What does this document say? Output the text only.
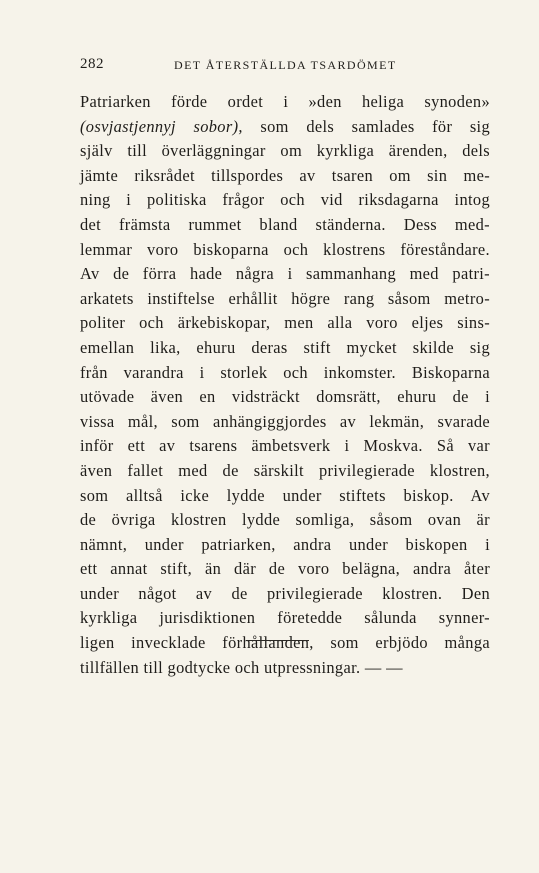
282	DET ÅTERSTÄLLDA TSARDÖMET
Patriarken förde ordet i »den heliga synoden»
(osvjastjennyj sobor), som dels samlades för sig
själv till överläggningar om kyrkliga ärenden, dels
jämte riksrådet tillspordes av tsaren om sin me-
ning i politiska frågor och vid riksdagarna intog
det främsta rummet bland ständerna. Dess med-
lemmar voro biskoparna och klostrens föreståndare.
Av de förra hade några i sammanhang med patri-
arkatets instiftelse erhållit högre rang såsom metro-
politer och ärkebiskopar, men alla voro eljes sins-
emellan lika, ehuru deras stift mycket skilde sig
från varandra i storlek och inkomster. Biskoparna
utövade även en vidsträckt domsrätt, ehuru de i
vissa mål, som anhängiggjordes av lekmän, svarade
inför ett av tsarens ämbetsverk i Moskva. Så var
även fallet med de särskilt privilegierade klostren,
som alltså icke lydde under stiftets biskop. Av
de övriga klostren lydde somliga, såsom ovan är
nämnt, under patriarken, andra under biskopen i
ett annat stift, än där de voro belägna, andra åter
under något av de privilegierade klostren. Den
kyrkliga jurisdiktionen företedde sålunda synner-
ligen invecklade förhållanden, som erbjödo många
tillfällen till godtycke och utpressningar. — —
